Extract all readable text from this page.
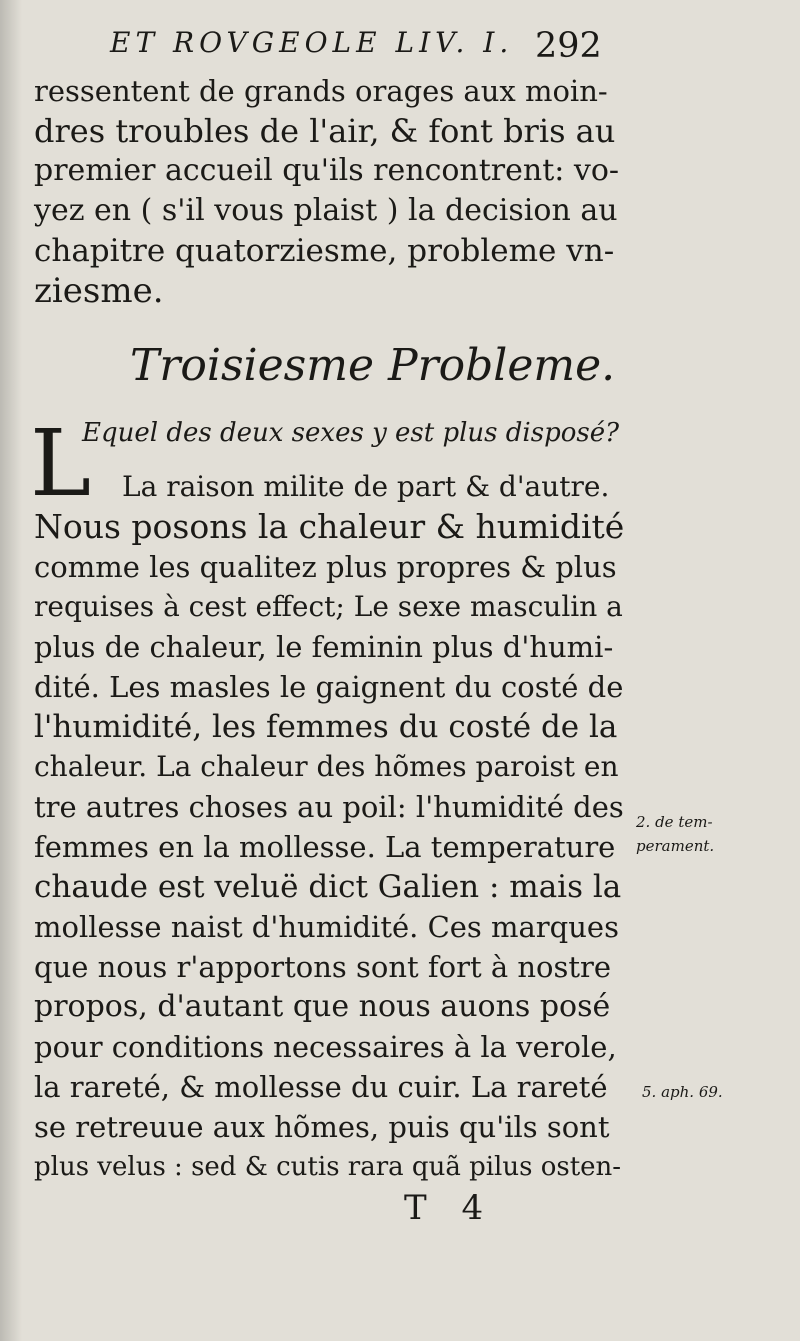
ET ROVGEOLE LIV. I. 292
ressentent de grands orages aux moin-
dres troubles de l'air, & font bris au
premier accueil qu'ils rencontrent: vo-
yez en ( s'il vous plaist ) la decision au
chapitre quatorziesme, probleme vn-
ziesme.
Troisiesme Probleme.
L
Equel des deux sexes y est plus disposé?
La raison milite de part & d'autre.
Nous posons la chaleur & humidité
comme les qualitez plus propres & plus
requises à cest effect; Le sexe masculin a
plus de chaleur, le feminin plus d'humi-
dité. Les masles le gaignent du costé de
l'humidité, les femmes du costé de la
chaleur. La chaleur des hõmes paroist en
tre autres choses au poil: l'humidité des
femmes en la mollesse. La temperature
chaude est veluë dict Galien : mais la
mollesse naist d'humidité. Ces marques
que nous r'apportons sont fort à nostre
propos, d'autant que nous auons posé
pour conditions necessaires à la verole,
la rareté, & mollesse du cuir. La rareté
se retreuue aux hõmes, puis qu'ils sont
plus velus : sed & cutis rara quã pilus osten-
2. de tem-
perament.
5. aph. 69.
T 4
